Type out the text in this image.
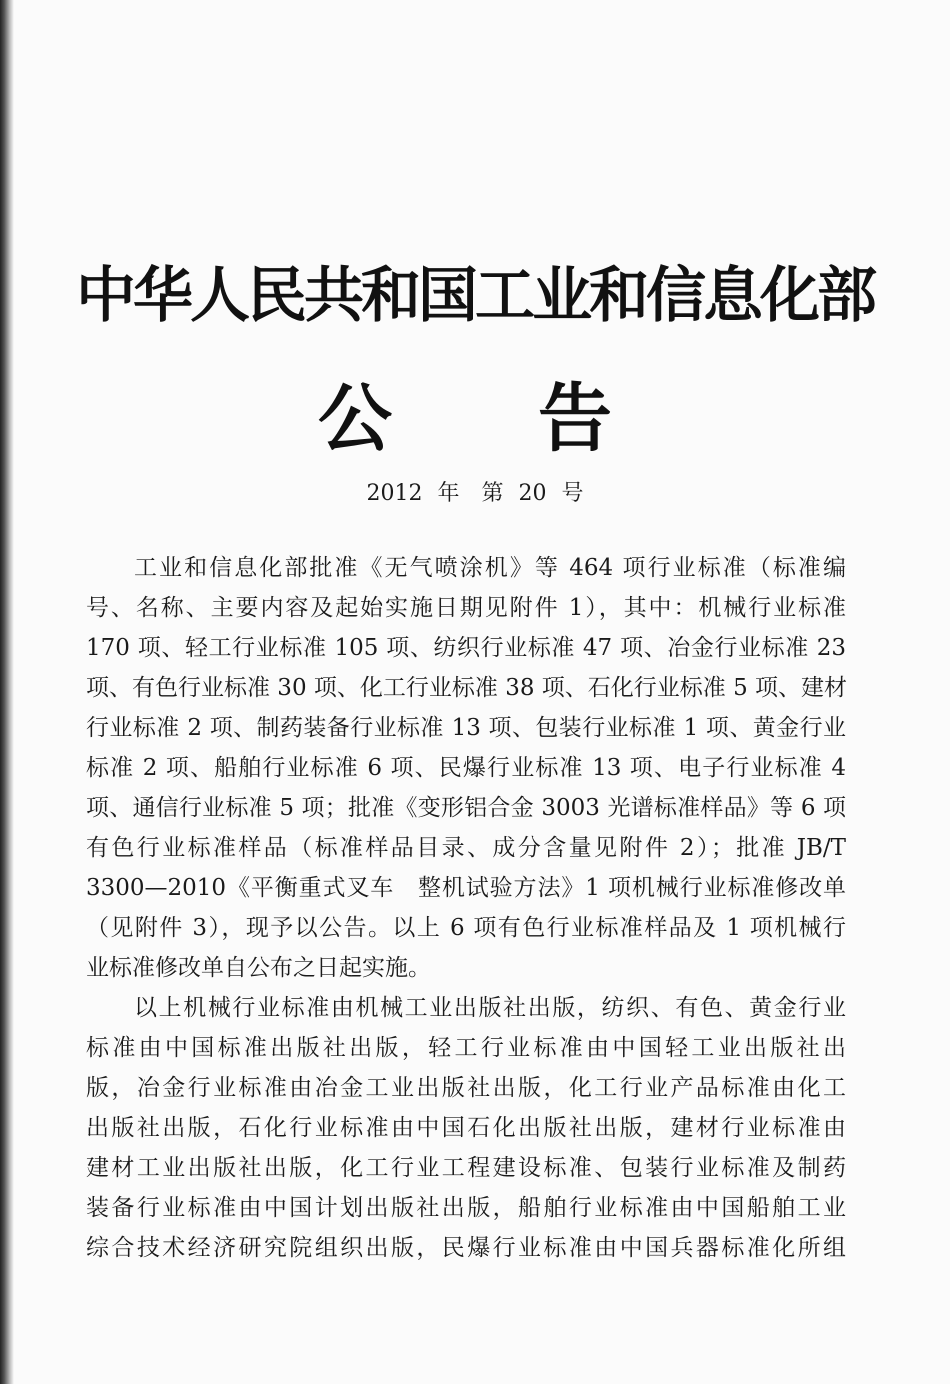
中华人民共和国工业和信息化部
公 告
2012 年　第 20 号
工业和信息化部批准《无气喷涂机》等 464 项行业标准（标准编
号、名称、主要内容及起始实施日期见附件 1），其中：机械行业标准
170 项、轻工行业标准 105 项、纺织行业标准 47 项、冶金行业标准 23
项、有色行业标准 30 项、化工行业标准 38 项、石化行业标准 5 项、建材
行业标准 2 项、制药装备行业标准 13 项、包装行业标准 1 项、黄金行业
标准 2 项、船舶行业标准 6 项、民爆行业标准 13 项、电子行业标准 4
项、通信行业标准 5 项；批准《变形铝合金 3003 光谱标准样品》等 6 项
有色行业标准样品（标准样品目录、成分含量见附件 2）；批准 JB/T
3300—2010《平衡重式叉车　整机试验方法》1 项机械行业标准修改单
（见附件 3），现予以公告。以上 6 项有色行业标准样品及 1 项机械行
业标准修改单自公布之日起实施。
以上机械行业标准由机械工业出版社出版，纺织、有色、黄金行业
标准由中国标准出版社出版，轻工行业标准由中国轻工业出版社出
版，冶金行业标准由冶金工业出版社出版，化工行业产品标准由化工
出版社出版，石化行业标准由中国石化出版社出版，建材行业标准由
建材工业出版社出版，化工行业工程建设标准、包装行业标准及制药
装备行业标准由中国计划出版社出版，船舶行业标准由中国船舶工业
综合技术经济研究院组织出版，民爆行业标准由中国兵器标准化所组
